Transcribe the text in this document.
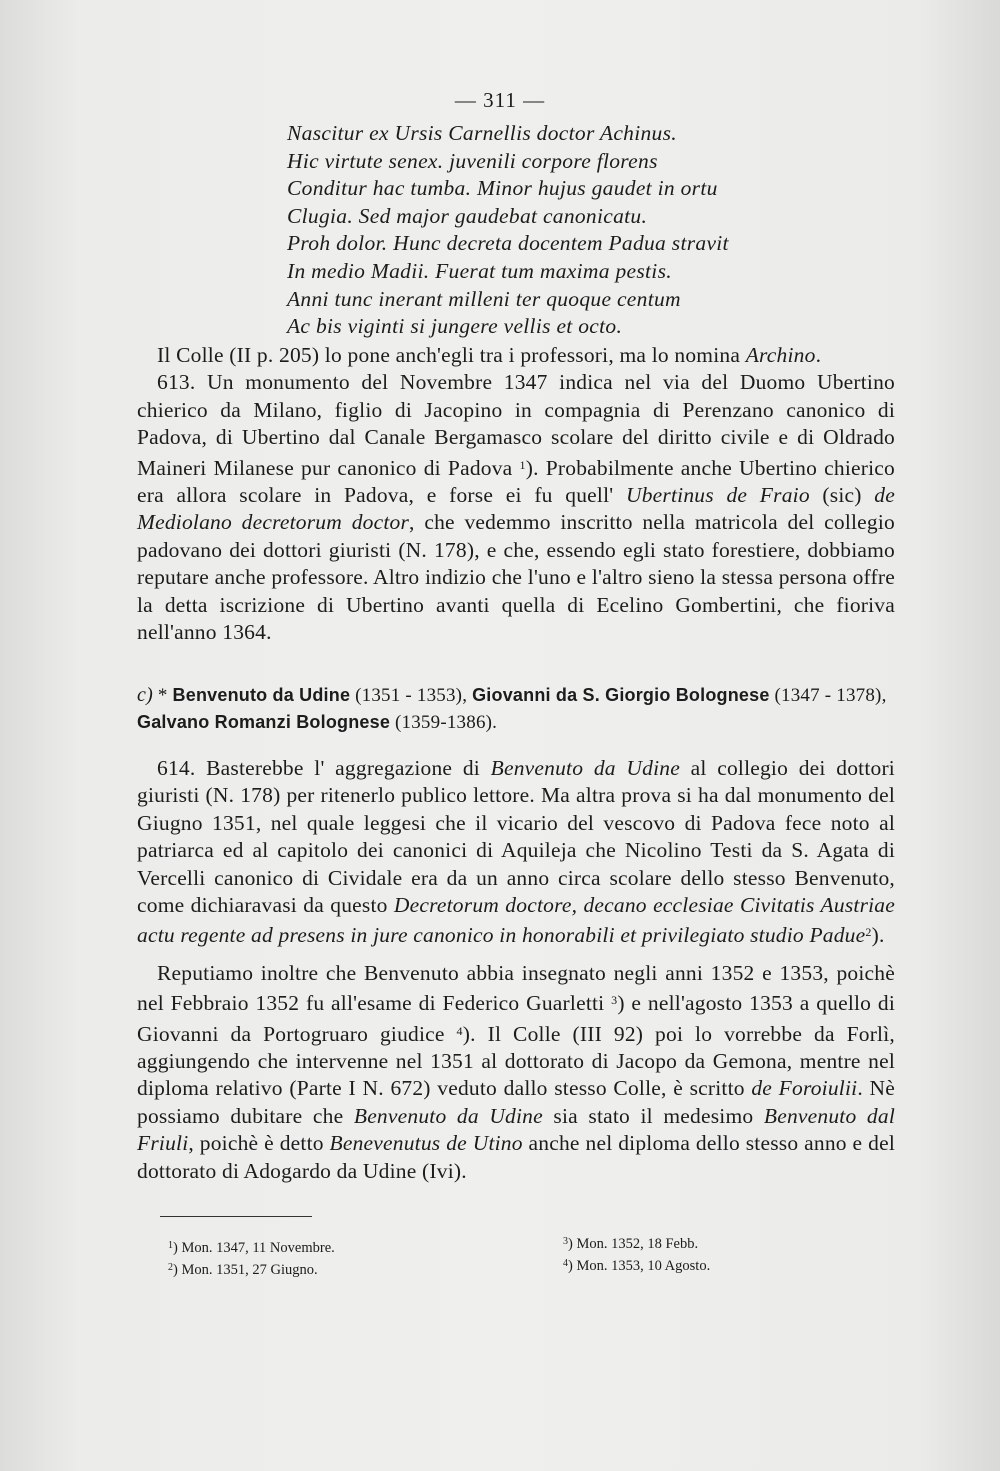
— 311 —
Nascitur ex Ursis Carnellis doctor Achinus.
Hic virtute senex. juvenili corpore florens
Conditur hac tumba. Minor hujus gaudet in ortu
Clugia. Sed major gaudebat canonicatu.
Proh dolor. Hunc decreta docentem Padua stravit
In medio Madii. Fuerat tum maxima pestis.
Anni tunc inerant milleni ter quoque centum
Ac bis viginti si jungere vellis et octo.

Il Colle (II p. 205) lo pone anch'egli tra i professori, ma lo nomina Archino.

613. Un monumento del Novembre 1347 indica nel via del Duomo Ubertino chierico da Milano, figlio di Jacopino in compagnia di Perenzano canonico di Padova, di Ubertino dal Canale Bergamasco scolare del diritto civile e di Oldrado Maineri Milanese pur canonico di Padova $^1$). Probabilmente anche Ubertino chierico era allora scolare in Padova, e forse ei fu quell' Ubertinus de Fraio (sic) de Mediolano decretorum doctor, che vedemmo inscritto nella matricola del collegio padovano dei dottori giuristi (N. 178), e che, essendo egli stato forestiere, dobbiamo reputare anche professore. Altro indizio che l'uno e l'altro sieno la stessa persona offre la detta iscrizione di Ubertino avanti quella di Ecelino Gombertini, che fioriva nell'anno 1364.

c) * Benvenuto da Udine (1351 - 1353), Giovanni da S. Giorgio Bolognese (1347 - 1378),
Galvano Romanzi Bolognese (1359-1386).

614. Basterebbe l' aggregazione di Benvenuto da Udine al collegio dei dottori giuristi (N. 178) per ritenerlo publico lettore. Ma altra prova si ha dal monumento del Giugno 1351, nel quale leggesi che il vicario del vescovo di Padova fece noto al patriarca ed al capitolo dei canonici di Aquileja che Nicolino Testi da S. Agata di Vercelli canonico di Cividale era da un anno circa scolare dello stesso Benvenuto, come dichiaravasi da questo Decretorum doctore, decano ecclesiae Civitatis Austriae actu regente ad presens in jure canonico in honorabili et privilegiato studio Padue$^2$).

Reputiamo inoltre che Benvenuto abbia insegnato negli anni 1352 e 1353, poichè nel Febbraio 1352 fu all'esame di Federico Guarletti $^3$) e nell'agosto 1353 a quello di Giovanni da Portogruaro giudice $^4$). Il Colle (III 92) poi lo vorrebbe da Forlì, aggiungendo che intervenne nel 1351 al dottorato di Jacopo da Gemona, mentre nel diploma relativo (Parte I N. 672) veduto dallo stesso Colle, è scritto de Foroiulii. Nè possiamo dubitare che Benvenuto da Udine sia stato il medesimo Benvenuto dal Friuli, poichè è detto Benevenutus de Utino anche nel diploma dello stesso anno e del dottorato di Adogardo da Udine (Ivi).

$^1$) Mon. 1347, 11 Novembre.
$^2$) Mon. 1351, 27 Giugno.
$^3$) Mon. 1352, 18 Febb.
$^4$) Mon. 1353, 10 Agosto.
